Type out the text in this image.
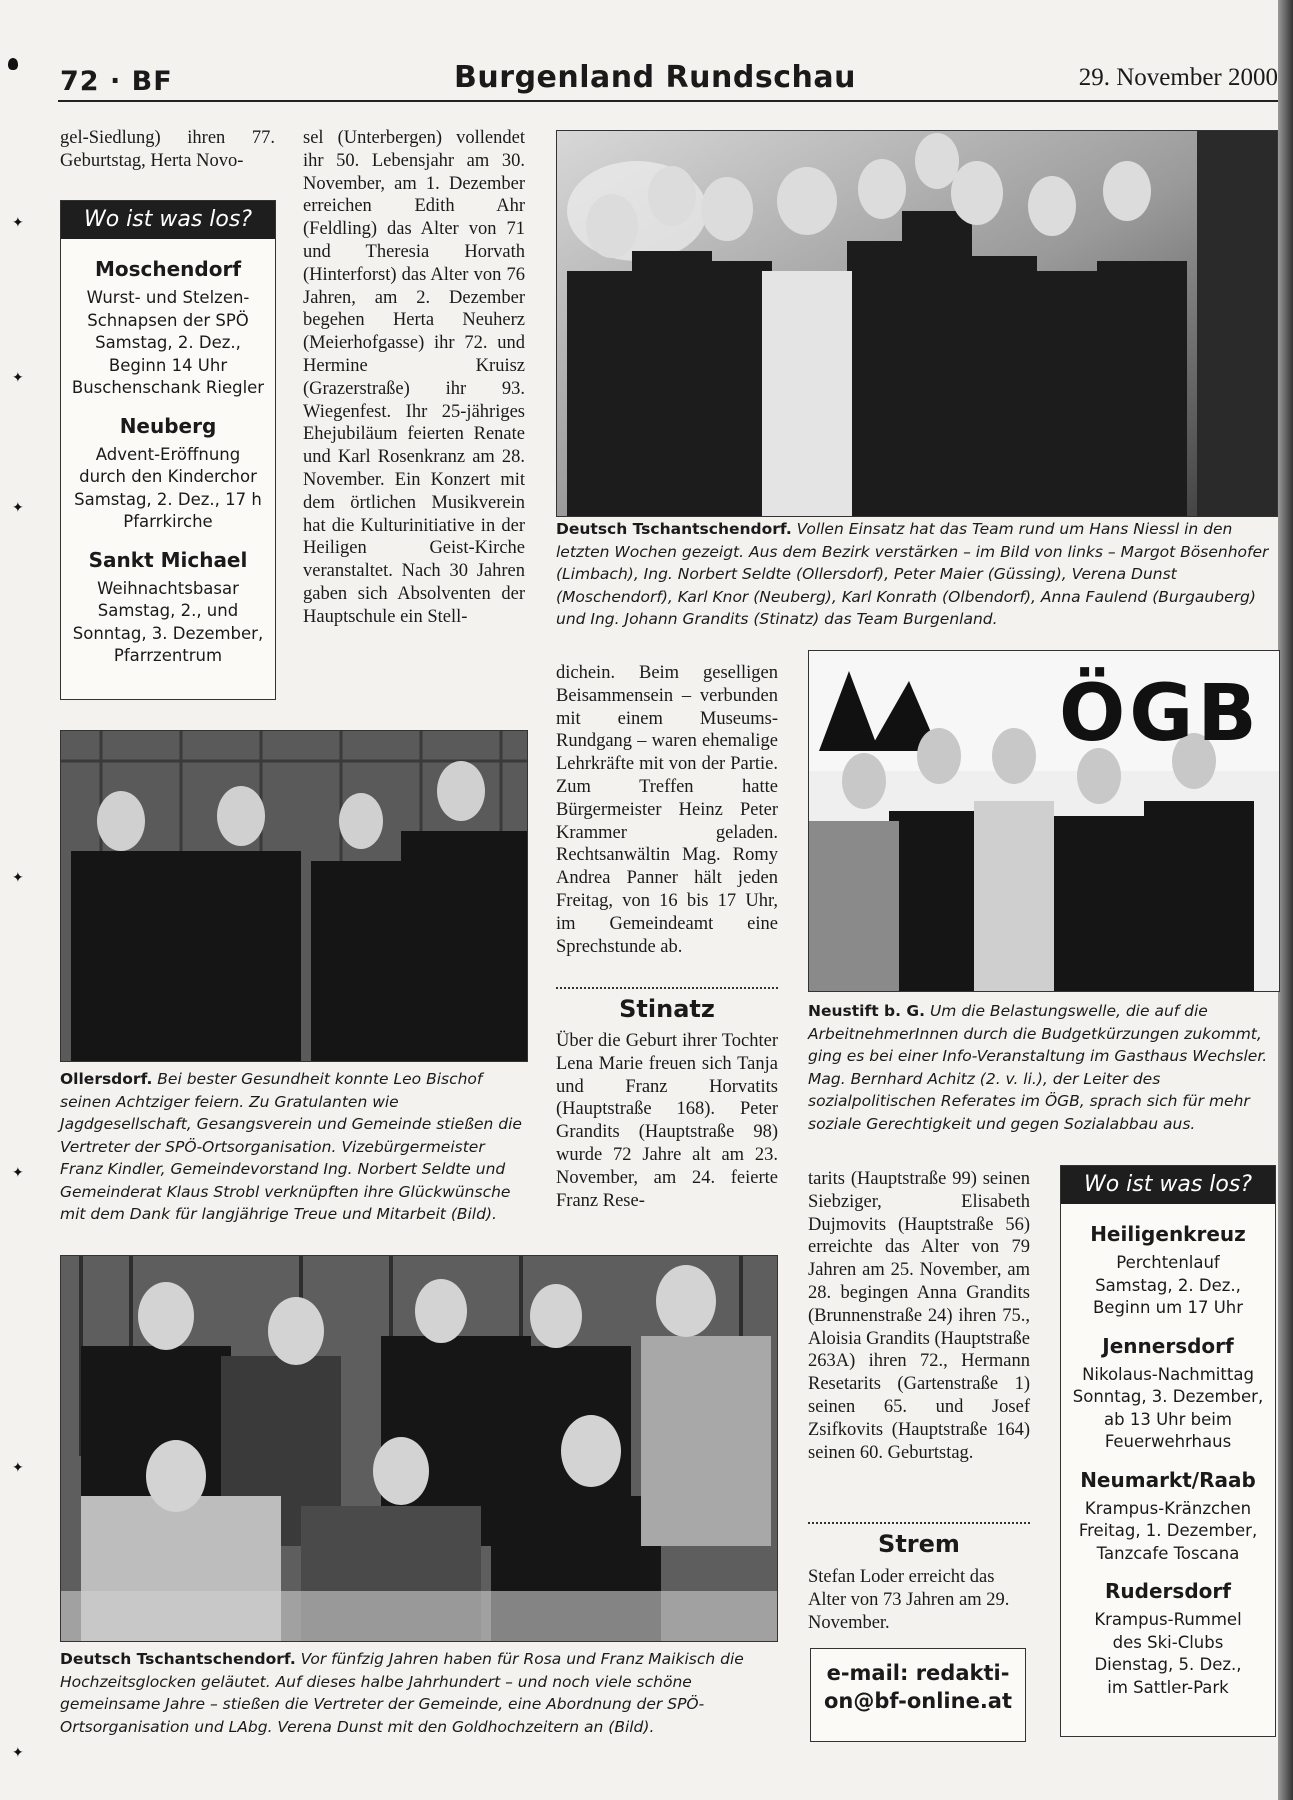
✦
✦
✦
✦
✦
✦
✦
72 · BF	Burgenland Rundschau	29. November 2000
gel-Siedlung) ihren 77. Geburtstag, Herta Novo-
Wo ist was los?
Moschendorf
Wurst- und Stelzen-
Schnapsen der SPÖ
Samstag, 2. Dez.,
Beginn 14 Uhr
Buschenschank Riegler
Neuberg
Advent-Eröffnung
durch den Kinderchor
Samstag, 2. Dez., 17 h
Pfarrkirche
Sankt Michael
Weihnachtsbasar
Samstag, 2., und
Sonntag, 3. Dezember,
Pfarrzentrum
sel (Unterbergen) vollendet ihr 50. Lebensjahr am 30. November, am 1. Dezember erreichen Edith Ahr (Feldling) das Alter von 71 und Theresia Horvath (Hinterforst) das Alter von 76 Jahren, am 2. Dezember begehen Herta Neuherz (Meierhofgasse) ihr 72. und Hermine Kruisz (Grazerstraße) ihr 93. Wiegenfest. Ihr 25-jähriges Ehejubiläum feierten Renate und Karl Rosenkranz am 28. November. Ein Konzert mit dem örtlichen Musikverein hat die Kulturinitiative in der Heiligen Geist-Kirche veranstaltet. Nach 30 Jahren gaben sich Absolventen der Hauptschule ein Stell-
Deutsch Tschantschendorf. Vollen Einsatz hat das Team rund um Hans Niessl in den letzten Wochen gezeigt. Aus dem Bezirk verstärken – im Bild von links – Margot Bösenhofer (Limbach), Ing. Norbert Seldte (Ollersdorf), Peter Maier (Güssing), Verena Dunst (Moschendorf), Karl Knor (Neuberg), Karl Konrath (Olbendorf), Anna Faulend (Burgauberg) und Ing. Johann Grandits (Stinatz) das Team Burgenland.
Ollersdorf. Bei bester Gesundheit konnte Leo Bischof seinen Achtziger feiern. Zu Gratulanten wie Jagdgesellschaft, Gesangsverein und Gemeinde stießen die Vertreter der SPÖ-Ortsorganisation. Vizebürgermeister Franz Kindler, Gemeindevorstand Ing. Norbert Seldte und Gemeinderat Klaus Strobl verknüpften ihre Glückwünsche mit dem Dank für langjährige Treue und Mitarbeit (Bild).
dichein. Beim geselligen Beisammensein – verbunden mit einem Museums-Rundgang – waren ehemalige Lehrkräfte mit von der Partie. Zum Treffen hatte Bürgermeister Heinz Peter Krammer geladen. Rechtsanwältin Mag. Romy Andrea Panner hält jeden Freitag, von 16 bis 17 Uhr, im Gemeindeamt eine Sprechstunde ab.
Stinatz
Über die Geburt ihrer Tochter Lena Marie freuen sich Tanja und Franz Horvatits (Hauptstraße 168). Peter Grandits (Hauptstraße 98) wurde 72 Jahre alt am 23. November, am 24. feierte Franz Rese-
ÖGB
Neustift b. G. Um die Belastungswelle, die auf die ArbeitnehmerInnen durch die Budgetkürzungen zukommt, ging es bei einer Info-Veranstaltung im Gasthaus Wechsler. Mag. Bernhard Achitz (2. v. li.), der Leiter des sozialpolitischen Referates im ÖGB, sprach sich für mehr soziale Gerechtigkeit und gegen Sozialabbau aus.
tarits (Hauptstraße 99) seinen Siebziger, Elisabeth Dujmovits (Hauptstraße 56) erreichte das Alter von 79 Jahren am 25. November, am 28. begingen Anna Grandits (Brunnenstraße 24) ihren 75., Aloisia Grandits (Hauptstraße 263A) ihren 72., Hermann Resetarits (Gartenstraße 1) seinen 65. und Josef Zsifkovits (Hauptstraße 164) seinen 60. Geburtstag.
Strem
Stefan Loder erreicht das Alter von 73 Jahren am 29. November.
e-mail: redakti-
on@bf-online.at
Wo ist was los?
Heiligenkreuz
Perchtenlauf
Samstag, 2. Dez.,
Beginn um 17 Uhr
Jennersdorf
Nikolaus-Nachmittag
Sonntag, 3. Dezember,
ab 13 Uhr beim
Feuerwehrhaus
Neumarkt/Raab
Krampus-Kränzchen
Freitag, 1. Dezember,
Tanzcafe Toscana
Rudersdorf
Krampus-Rummel
des Ski-Clubs
Dienstag, 5. Dez.,
im Sattler-Park
Deutsch Tschantschendorf. Vor fünfzig Jahren haben für Rosa und Franz Maikisch die Hochzeitsglocken geläutet. Auf dieses halbe Jahrhundert – und noch viele schöne gemeinsame Jahre – stießen die Vertreter der Gemeinde, eine Abordnung der SPÖ-Ortsorganisation und LAbg. Verena Dunst mit den Goldhochzeitern an (Bild).
